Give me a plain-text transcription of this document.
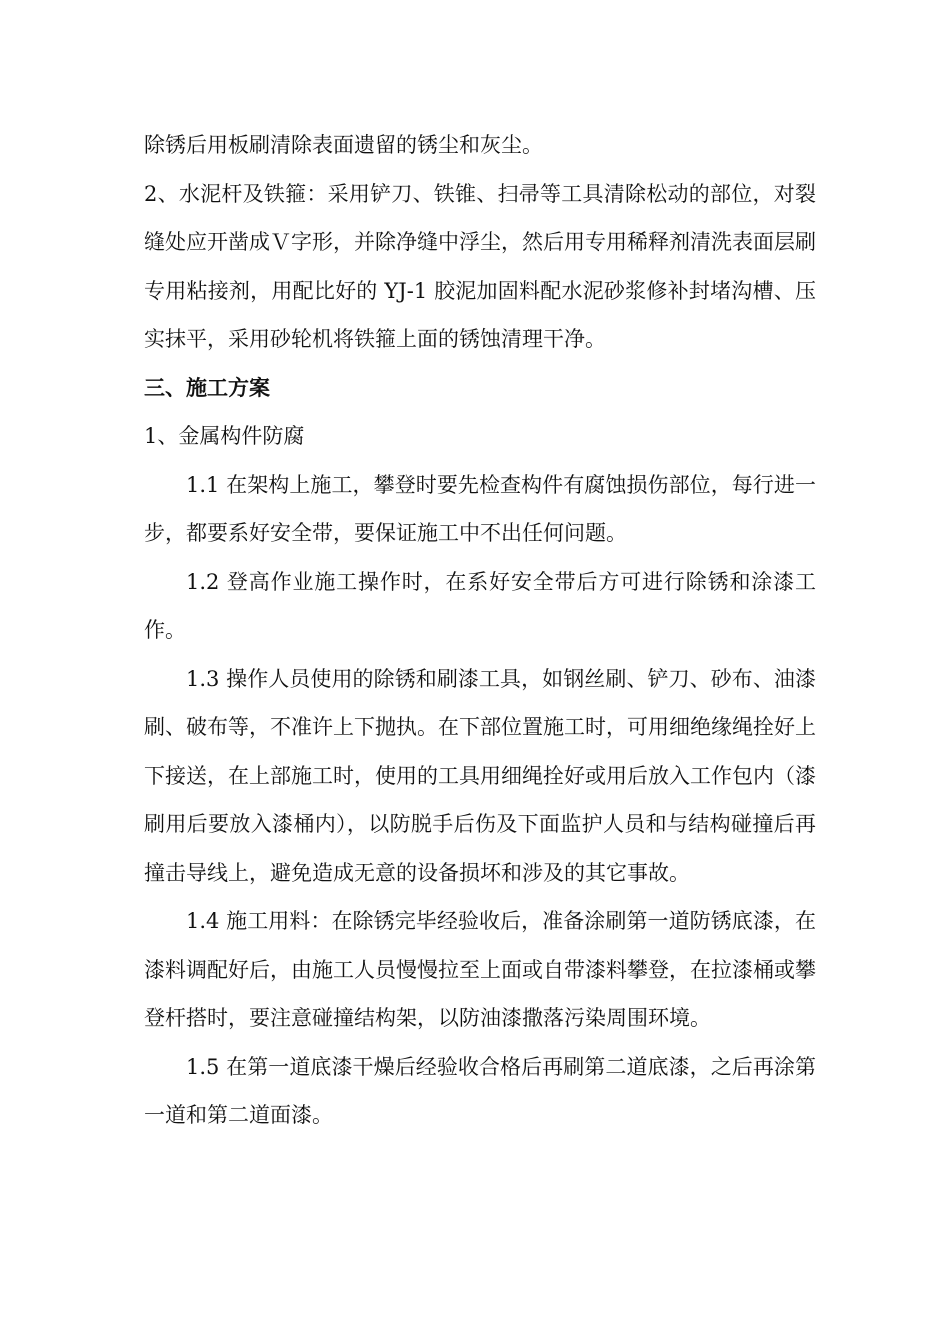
除锈后用板刷清除表面遗留的锈尘和灰尘。

2、水泥杆及铁箍：采用铲刀、铁锥、扫帚等工具清除松动的部位，对裂缝处应开凿成Ｖ字形，并除净缝中浮尘，然后用专用稀释剂清洗表面层刷专用粘接剂，用配比好的 YJ-1 胶泥加固料配水泥砂浆修补封堵沟槽、压实抹平，采用砂轮机将铁箍上面的锈蚀清理干净。

三、施工方案

1、金属构件防腐

1.1 在架构上施工，攀登时要先检查构件有腐蚀损伤部位，每行进一步，都要系好安全带，要保证施工中不出任何问题。

1.2 登高作业施工操作时，在系好安全带后方可进行除锈和涂漆工作。

1.3 操作人员使用的除锈和刷漆工具，如钢丝刷、铲刀、砂布、油漆刷、破布等，不准许上下抛执。在下部位置施工时，可用细绝缘绳拴好上下接送，在上部施工时，使用的工具用细绳拴好或用后放入工作包内（漆刷用后要放入漆桶内），以防脱手后伤及下面监护人员和与结构碰撞后再撞击导线上，避免造成无意的设备损坏和涉及的其它事故。

1.4 施工用料：在除锈完毕经验收后，准备涂刷第一道防锈底漆，在漆料调配好后，由施工人员慢慢拉至上面或自带漆料攀登，在拉漆桶或攀登杆搭时，要注意碰撞结构架，以防油漆撒落污染周围环境。

1.5 在第一道底漆干燥后经验收合格后再刷第二道底漆，之后再涂第一道和第二道面漆。
